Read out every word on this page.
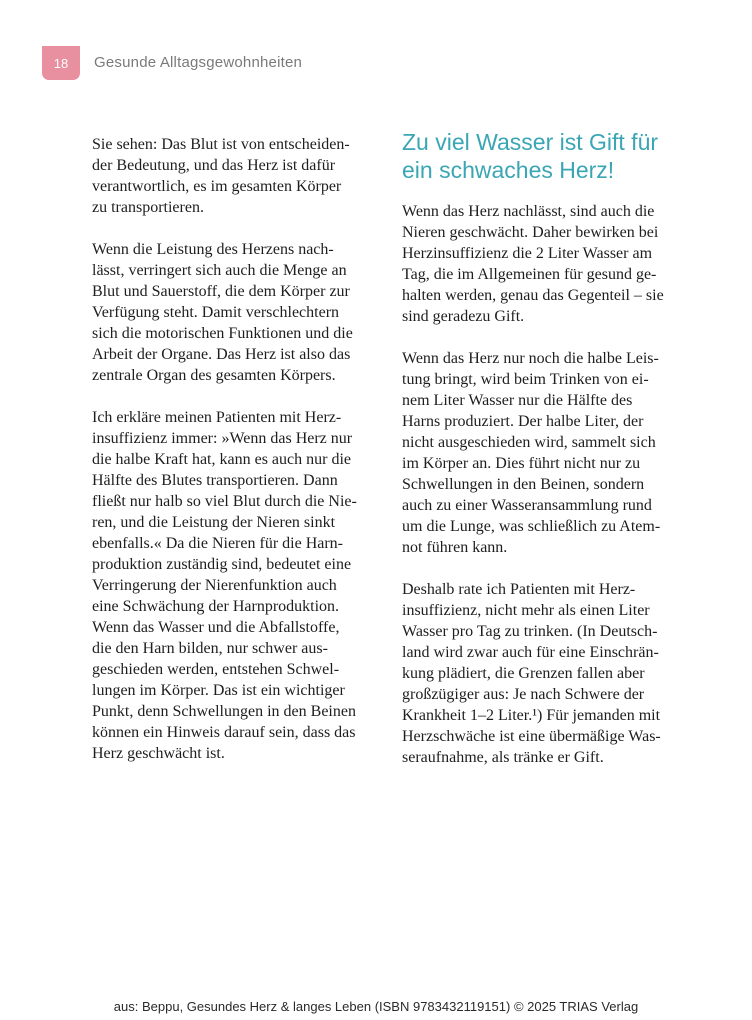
18 Gesunde Alltagsgewohnheiten

Sie sehen: Das Blut ist von entscheiden-
der Bedeutung, und das Herz ist dafür
verantwortlich, es im gesamten Körper
zu transportieren.

Wenn die Leistung des Herzens nach-
lässt, verringert sich auch die Menge an
Blut und Sauerstoff, die dem Körper zur
Verfügung steht. Damit verschlechtern
sich die motorischen Funktionen und die
Arbeit der Organe. Das Herz ist also das
zentrale Organ des gesamten Körpers.

Ich erkläre meinen Patienten mit Herz-
insuffizienz immer: »Wenn das Herz nur
die halbe Kraft hat, kann es auch nur die
Hälfte des Blutes transportieren. Dann
fließt nur halb so viel Blut durch die Nie-
ren, und die Leistung der Nieren sinkt
ebenfalls.« Da die Nieren für die Harn-
produktion zuständig sind, bedeutet eine
Verringerung der Nierenfunktion auch
eine Schwächung der Harnproduktion.
Wenn das Wasser und die Abfallstoffe,
die den Harn bilden, nur schwer aus-
geschieden werden, entstehen Schwel-
lungen im Körper. Das ist ein wichtiger
Punkt, denn Schwellungen in den Beinen
können ein Hinweis darauf sein, dass das
Herz geschwächt ist.

Zu viel Wasser ist Gift für
ein schwaches Herz!

Wenn das Herz nachlässt, sind auch die
Nieren geschwächt. Daher bewirken bei
Herzinsuffizienz die 2 Liter Wasser am
Tag, die im Allgemeinen für gesund ge-
halten werden, genau das Gegenteil – sie
sind geradezu Gift.

Wenn das Herz nur noch die halbe Leis-
tung bringt, wird beim Trinken von ei-
nem Liter Wasser nur die Hälfte des
Harns produziert. Der halbe Liter, der
nicht ausgeschieden wird, sammelt sich
im Körper an. Dies führt nicht nur zu
Schwellungen in den Beinen, sondern
auch zu einer Wasseransammlung rund
um die Lunge, was schließlich zu Atem-
not führen kann.

Deshalb rate ich Patienten mit Herz-
insuffizienz, nicht mehr als einen Liter
Wasser pro Tag zu trinken. (In Deutsch-
land wird zwar auch für eine Einschrän-
kung plädiert, die Grenzen fallen aber
großzügiger aus: Je nach Schwere der
Krankheit 1–2 Liter.¹) Für jemanden mit
Herzschwäche ist eine übermäßige Was-
seraufnahme, als tränke er Gift.

aus: Beppu, Gesundes Herz & langes Leben (ISBN 9783432119151) © 2025 TRIAS Verlag
